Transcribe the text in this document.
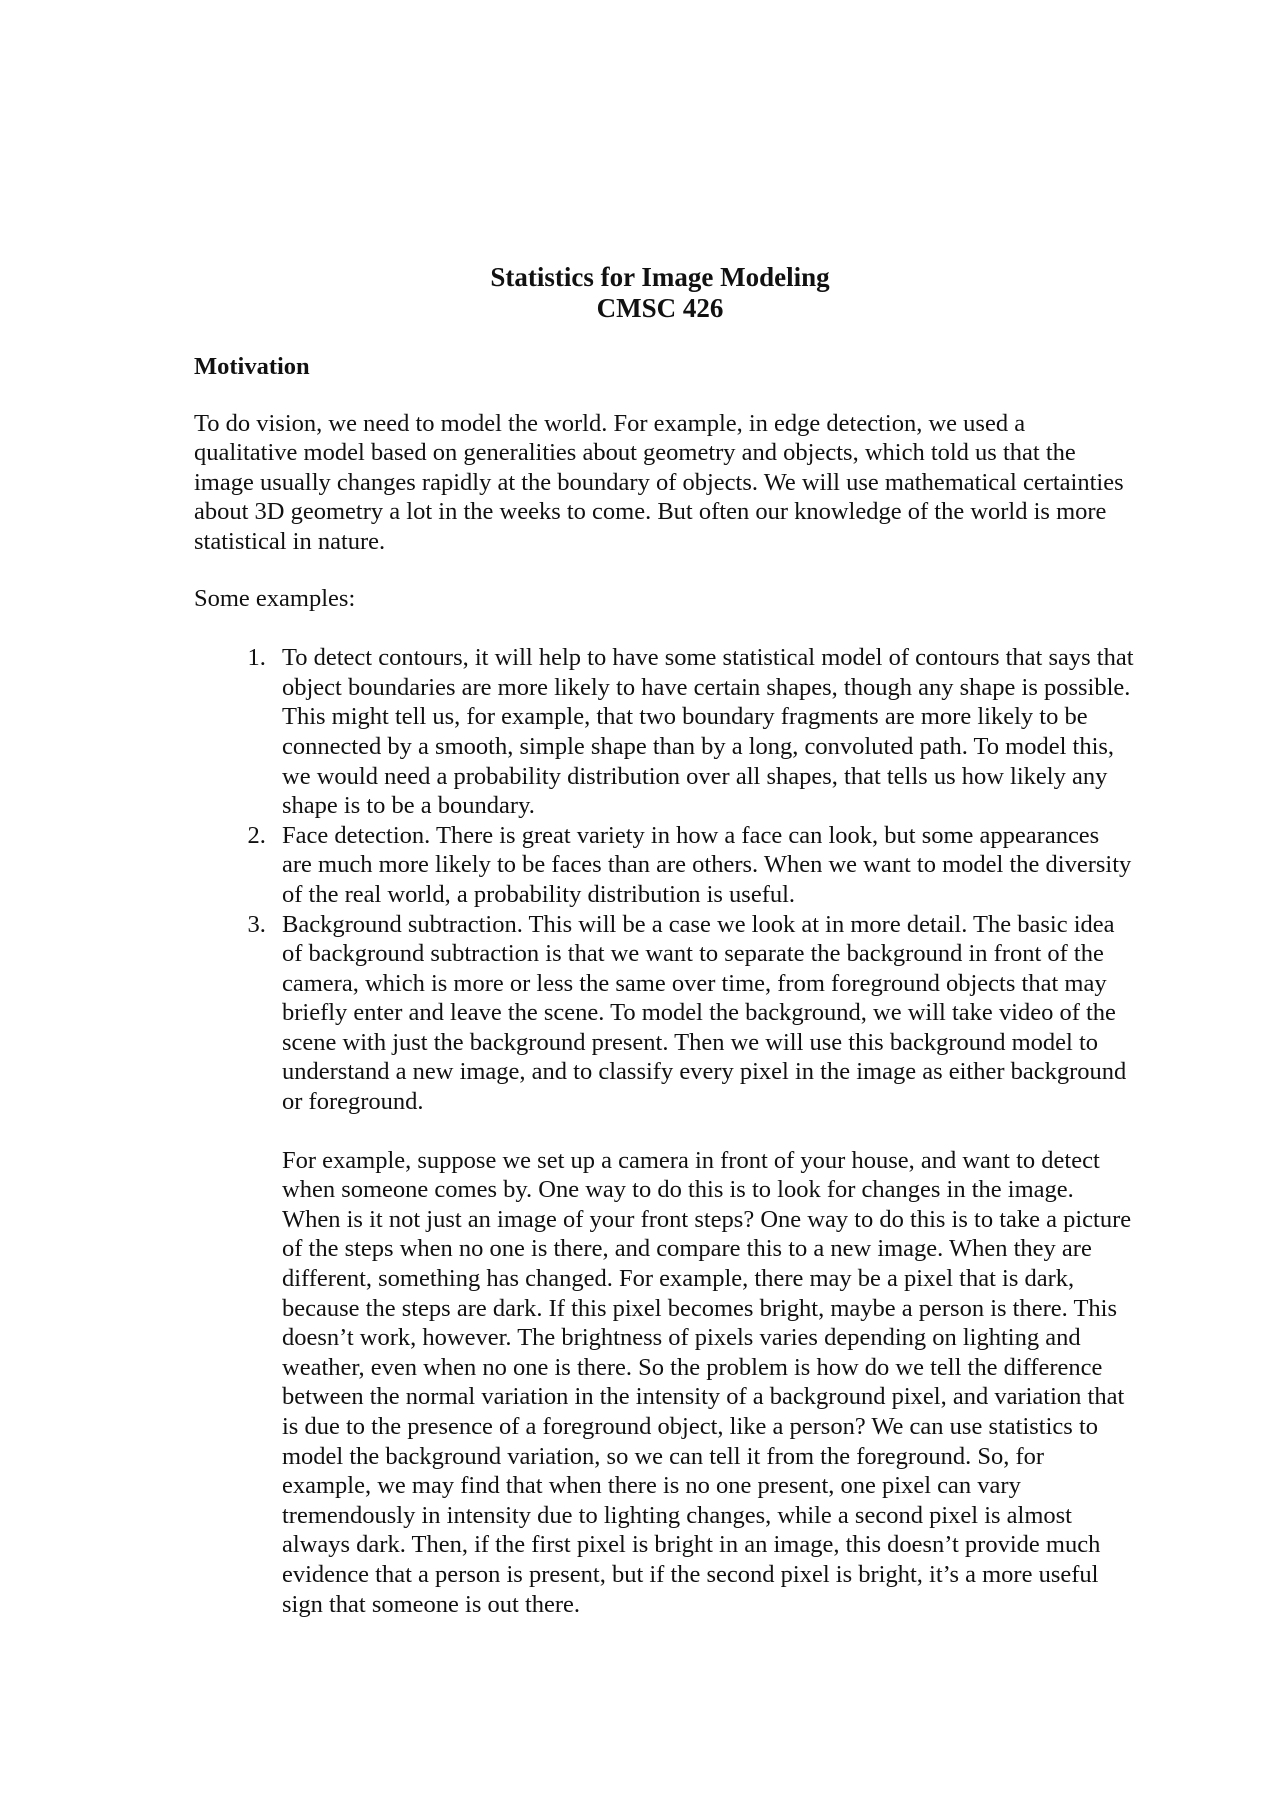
Statistics for Image Modeling
CMSC 426
Motivation

To do vision, we need to model the world. For example, in edge detection, we used a qualitative model based on generalities about geometry and objects, which told us that the image usually changes rapidly at the boundary of objects. We will use mathematical certainties about 3D geometry a lot in the weeks to come. But often our knowledge of the world is more statistical in nature.

Some examples:

1. To detect contours, it will help to have some statistical model of contours that says that object boundaries are more likely to have certain shapes, though any shape is possible. This might tell us, for example, that two boundary fragments are more likely to be connected by a smooth, simple shape than by a long, convoluted path. To model this, we would need a probability distribution over all shapes, that tells us how likely any shape is to be a boundary.
2. Face detection. There is great variety in how a face can look, but some appearances are much more likely to be faces than are others. When we want to model the diversity of the real world, a probability distribution is useful.
3. Background subtraction. This will be a case we look at in more detail. The basic idea of background subtraction is that we want to separate the background in front of the camera, which is more or less the same over time, from foreground objects that may briefly enter and leave the scene. To model the background, we will take video of the scene with just the background present. Then we will use this background model to understand a new image, and to classify every pixel in the image as either background or foreground.

For example, suppose we set up a camera in front of your house, and want to detect when someone comes by. One way to do this is to look for changes in the image. When is it not just an image of your front steps? One way to do this is to take a picture of the steps when no one is there, and compare this to a new image. When they are different, something has changed. For example, there may be a pixel that is dark, because the steps are dark. If this pixel becomes bright, maybe a person is there. This doesn’t work, however. The brightness of pixels varies depending on lighting and weather, even when no one is there. So the problem is how do we tell the difference between the normal variation in the intensity of a background pixel, and variation that is due to the presence of a foreground object, like a person? We can use statistics to model the background variation, so we can tell it from the foreground. So, for example, we may find that when there is no one present, one pixel can vary tremendously in intensity due to lighting changes, while a second pixel is almost always dark. Then, if the first pixel is bright in an image, this doesn’t provide much evidence that a person is present, but if the second pixel is bright, it’s a more useful sign that someone is out there.
